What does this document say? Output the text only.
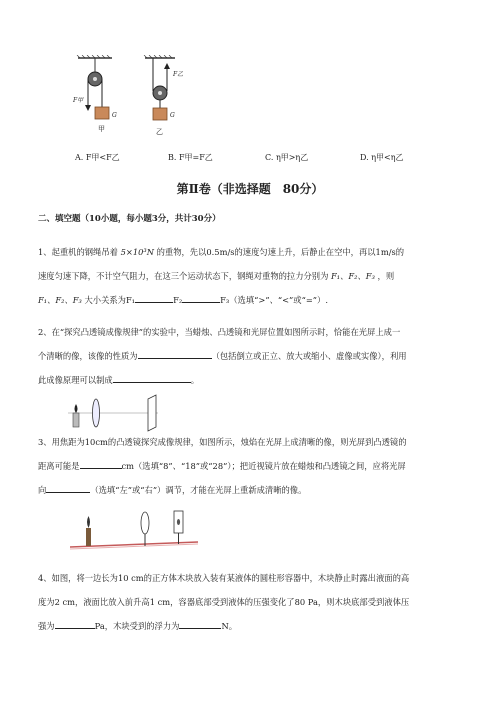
F甲
F乙
G	G
甲	乙
A. F甲<F乙	B. F甲=F乙	C. η甲>η乙	D. η甲<η乙
第Ⅱ卷（非选择题　80分）
二、填空题（10小题，每小题3分，共计30分）
1、起重机的钢绳吊着 5×10³N 的重物，先以0.5m/s的速度匀速上升，后静止在空中，再以1m/s的
速度匀速下降，不计空气阻力，在这三个运动状态下，钢绳对重物的拉力分别为 F₁、F₂、F₃ ，则
F₁、F₂、F₃ 大小关系为F₁	F₂	F₃（选填“>”、“<”或“=”）.
2、在“探究凸透镜成像规律”的实验中，当蜡烛、凸透镜和光屏位置如图所示时，恰能在光屏上成一
个清晰的像，该像的性质为	（包括倒立或正立、放大或缩小、虚像或实像），利用
此成像原理可以制成	。
3、用焦距为10cm的凸透镜探究成像规律，如图所示，烛焰在光屏上成清晰的像，则光屏到凸透镜的
距离可能是	cm（选填“8”、“18”或“28”）；把近视镜片放在蜡烛和凸透镜之间，应将光屏
向	（选填“左”或“右”）调节，才能在光屏上重新成清晰的像。
4、如图，将一边长为10 cm的正方体木块放入装有某液体的圆柱形容器中，木块静止时露出液面的高
度为2 cm，液面比放入前升高1 cm，容器底部受到液体的压强变化了80 Pa，则木块底部受到液体压
强为	Pa，木块受到的浮力为	N。
